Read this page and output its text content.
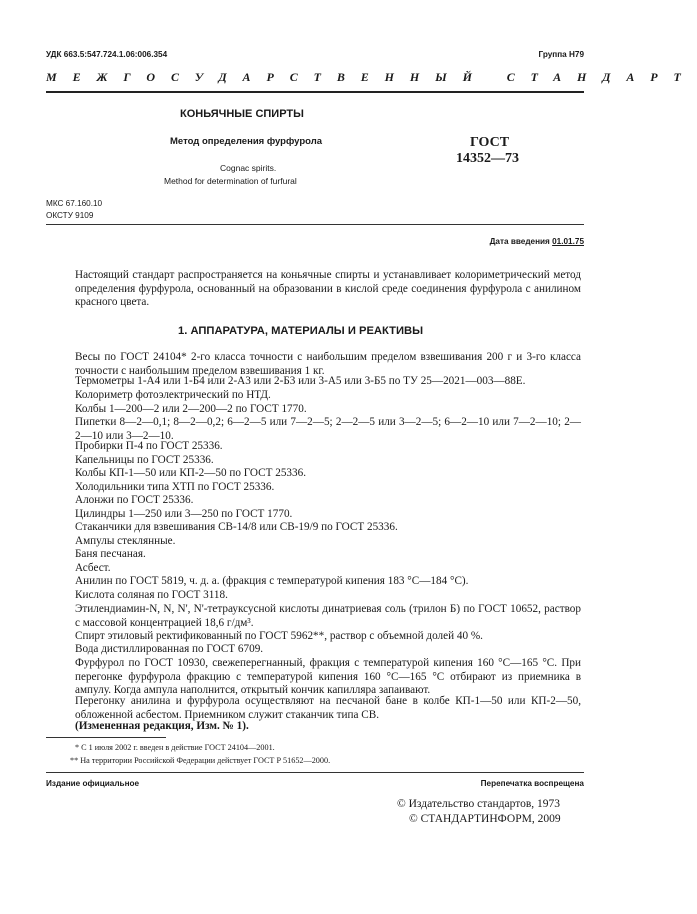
УДК 663.5:547.724.1.06:006.354	Группа Н79
МЕЖГОСУДАРСТВЕННЫЙ СТАНДАРТ
КОНЬЯЧНЫЕ СПИРТЫ
Метод определения фурфурола
Cognac spirits.
Method for determination of furfural
ГОСТ
14352—73
МКС 67.160.10
ОКСТУ 9109
Дата введения 01.01.75
Настоящий стандарт распространяется на коньячные спирты и устанавливает колориметрический метод определения фурфурола, основанный на образовании в кислой среде соединения фурфурола с анилином красного цвета.
1. АППАРАТУРА, МАТЕРИАЛЫ И РЕАКТИВЫ
Весы по ГОСТ 24104* 2-го класса точности с наибольшим пределом взвешивания 200 г и 3-го класса точности с наибольшим пределом взвешивания 1 кг.
Термометры 1-А4 или 1-Б4 или 2-А3 или 2-Б3 или 3-А5 или 3-Б5 по ТУ 25—2021—003—88Е.
Колориметр фотоэлектрический по НТД.
Колбы 1—200—2 или 2—200—2 по ГОСТ 1770.
Пипетки 8—2—0,1; 8—2—0,2; 6—2—5 или 7—2—5; 2—2—5 или 3—2—5; 6—2—10 или 7—2—10; 2—2—10 или 3—2—10.
Пробирки П-4 по ГОСТ 25336.
Капельницы по ГОСТ 25336.
Колбы КП-1—50 или КП-2—50 по ГОСТ 25336.
Холодильники типа ХТП по ГОСТ 25336.
Алонжи по ГОСТ 25336.
Цилиндры 1—250 или 3—250 по ГОСТ 1770.
Стаканчики для взвешивания СВ-14/8 или СВ-19/9 по ГОСТ 25336.
Ампулы стеклянные.
Баня песчаная.
Асбест.
Анилин по ГОСТ 5819, ч. д. а. (фракция с температурой кипения 183 °С—184 °С).
Кислота соляная по ГОСТ 3118.
Этилендиамин-N, N, N', N'-тетрауксусной кислоты динатриевая соль (трилон Б) по ГОСТ 10652, раствор с массовой концентрацией 18,6 г/дм³.
Спирт этиловый ректификованный по ГОСТ 5962**, раствор с объемной долей 40 %.
Вода дистиллированная по ГОСТ 6709.
Фурфурол по ГОСТ 10930, свежеперегнанный, фракция с температурой кипения 160 °С—165 °С. При перегонке фурфурола фракцию с температурой кипения 160 °С—165 °С отбирают из приемника в ампулу. Когда ампула наполнится, открытый кончик капилляра запаивают.
Перегонку анилина и фурфурола осуществляют на песчаной бане в колбе КП-1—50 или КП-2—50, обложенной асбестом. Приемником служит стаканчик типа СВ.
(Измененная редакция, Изм. № 1).
* С 1 июля 2002 г. введен в действие ГОСТ 24104—2001.
** На территории Российской Федерации действует ГОСТ Р 51652—2000.
Издание официальное	Перепечатка воспрещена
© Издательство стандартов, 1973
© СТАНДАРТИНФОРМ, 2009
